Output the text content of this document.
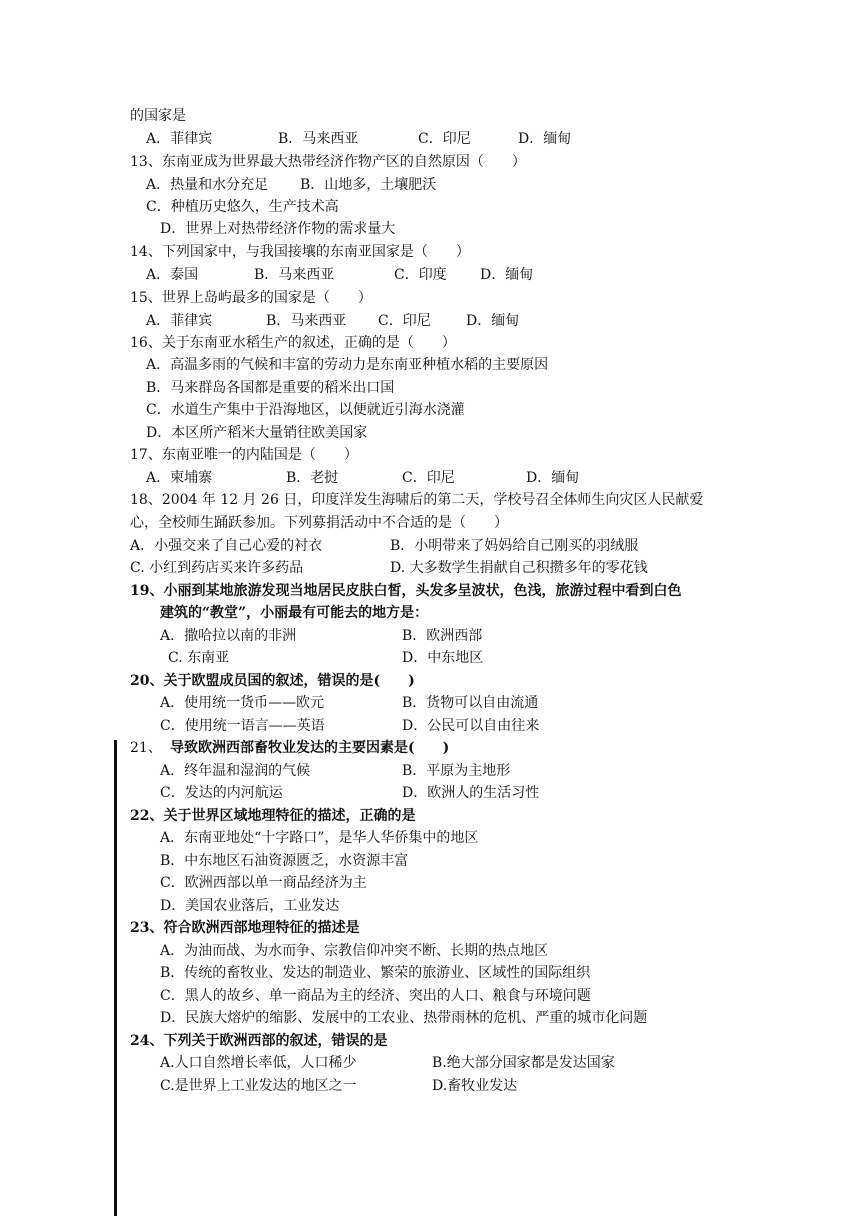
的国家是
A．菲律宾	B．马来西亚	C．印尼	D．缅甸
13、东南亚成为世界最大热带经济作物产区的自然原因（　　）
A．热量和水分充足 B．山地多，土壤肥沃
C．种植历史悠久，生产技术高
D．世界上对热带经济作物的需求量大
14、下列国家中，与我国接壤的东南亚国家是（　　）
A．泰国	B．马来西亚	C．印度 D．缅甸
15、世界上岛屿最多的国家是（　　）
A．菲律宾	B．马来西亚 C．印尼	D．缅甸
16、关于东南亚水稻生产的叙述，正确的是（　　）
A．高温多雨的气候和丰富的劳动力是东南亚种植水稻的主要原因
B．马来群岛各国都是重要的稻米出口国
C．水道生产集中于沿海地区，以便就近引海水浇灌
D．本区所产稻米大量销往欧美国家
17、东南亚唯一的内陆国是（　　）
A．柬埔寨	B．老挝	C．印尼	D．缅甸
18、2004 年 12 月 26 日，印度洋发生海啸后的第二天，学校号召全体师生向灾区人民献爱
心，全校师生踊跃参加。下列募捐活动中不合适的是（　　）
A．小强交来了自己心爱的衬衣	B．小明带来了妈妈给自己刚买的羽绒服
C. 小红到药店买来许多药品	D. 大多数学生捐献自己积攒多年的零花钱
19、小丽到某地旅游发现当地居民皮肤白皙，头发多呈波状，色浅，旅游过程中看到白色
建筑的“教堂”，小丽最有可能去的地方是：
A．撒哈拉以南的非洲	B．欧洲西部
C. 东南亚	D．中东地区
20、关于欧盟成员国的叙述，错误的是(　　)
A．使用统一货币——欧元	B．货物可以自由流通
C．使用统一语言——英语	D．公民可以自由往来
21、 导致欧洲西部畜牧业发达的主要因素是(　　)
A．终年温和湿润的气候	B．平原为主地形
C．发达的内河航运	D．欧洲人的生活习性
22、关于世界区域地理特征的描述，正确的是
A．东南亚地处“十字路口”，是华人华侨集中的地区
B．中东地区石油资源匮乏，水资源丰富
C．欧洲西部以单一商品经济为主
D．美国农业落后，工业发达
23、符合欧洲西部地理特征的描述是
A．为油而战、为水而争、宗教信仰冲突不断、长期的热点地区
B．传统的畜牧业、发达的制造业、繁荣的旅游业、区域性的国际组织
C．黑人的故乡、单一商品为主的经济、突出的人口、粮食与环境问题
D．民族大熔炉的缩影、发展中的工农业、热带雨林的危机、严重的城市化问题
24、下列关于欧洲西部的叙述，错误的是
A.人口自然增长率低，人口稀少	B.绝大部分国家都是发达国家
C.是世界上工业发达的地区之一	D.畜牧业发达
